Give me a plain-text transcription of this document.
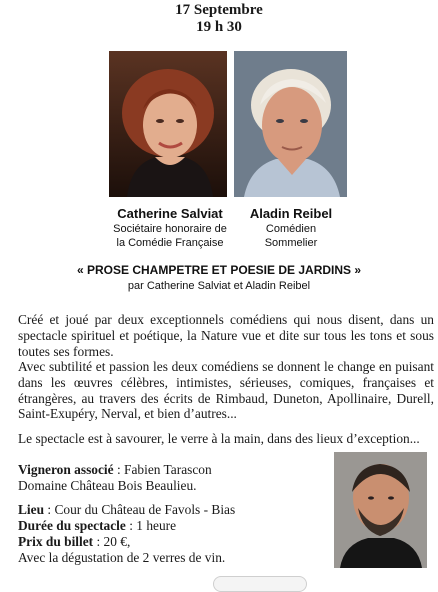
17 Septembre
19 h 30
Catherine Salviat
Sociétaire honoraire de
la Comédie Française
Aladin Reibel
Comédien
Sommelier
« PROSE CHAMPETRE ET POESIE DE JARDINS »
par Catherine Salviat et Aladin Reibel
Créé et joué par deux exceptionnels comédiens qui nous disent, dans un spectacle spirituel et poétique, la Nature vue et dite sur tous les tons et sous toutes ses formes.
Avec subtilité et passion les deux comédiens se donnent le change en puisant dans les œuvres célèbres, intimistes, sérieuses, comiques, françaises et étrangères, au travers des écrits de Rimbaud, Duneton, Apollinaire, Durell, Saint-Exupéry, Nerval, et bien d’autres...
Le spectacle est à savourer, le verre à la main, dans des lieux d’exception...
Vigneron associé : Fabien Tarascon
Domaine Château Bois Beaulieu.
Lieu : Cour du Château de Favols - Bias
Durée du spectacle : 1 heure
Prix du billet : 20 €,
Avec la dégustation de 2 verres de vin.
